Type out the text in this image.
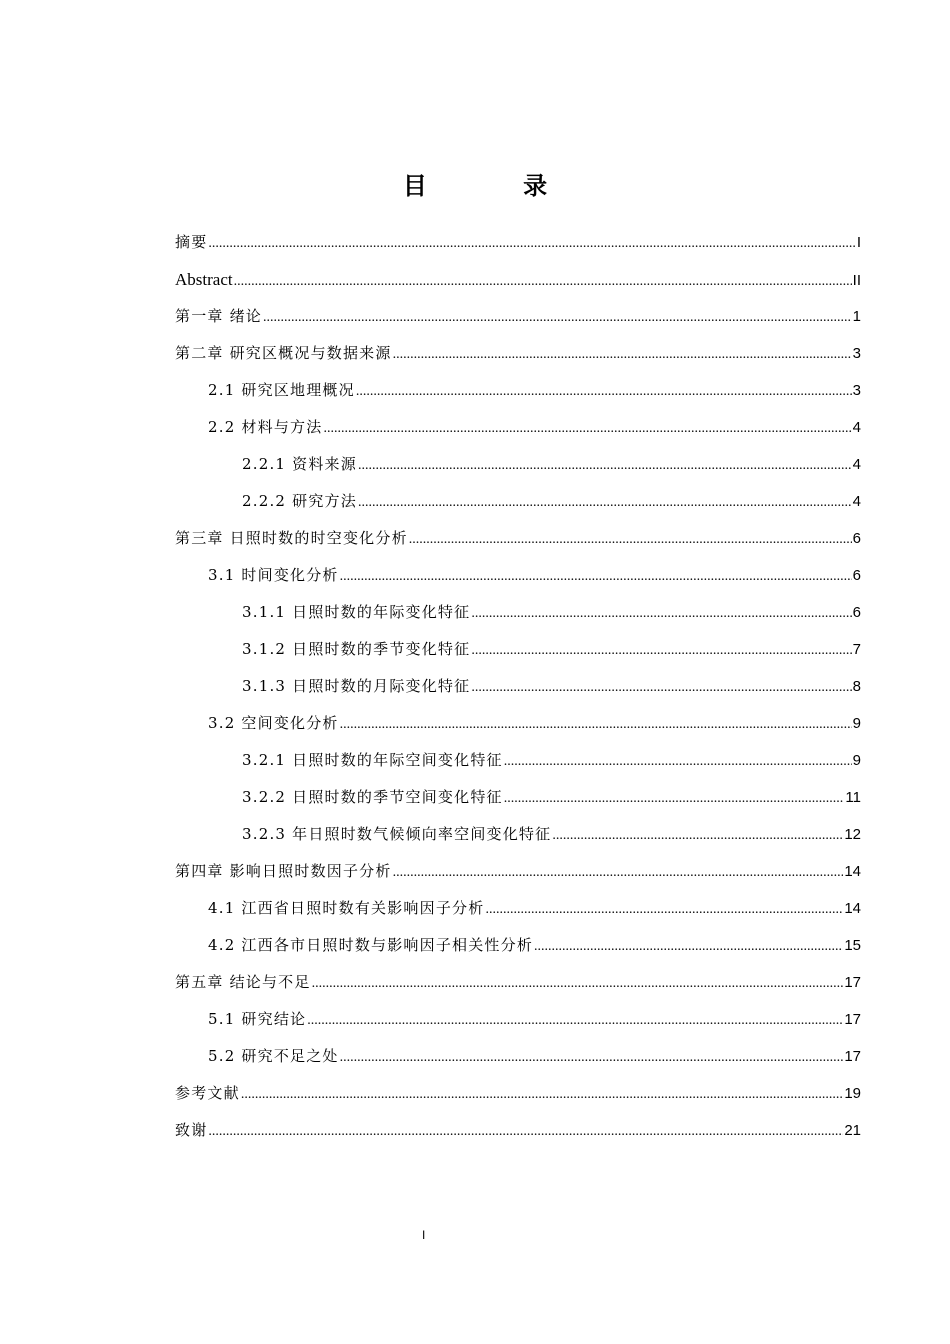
目 录
摘要 .....	I
Abstract .....	II
第一章 绪论 .....	1
第二章 研究区概况与数据来源 .....	3
2.1 研究区地理概况 .....	3
2.2 材料与方法 .....	4
2.2.1 资料来源 .....	4
2.2.2 研究方法 .....	4
第三章 日照时数的时空变化分析 .....	6
3.1 时间变化分析 .....	6
3.1.1 日照时数的年际变化特征 .....	6
3.1.2 日照时数的季节变化特征 .....	7
3.1.3 日照时数的月际变化特征 .....	8
3.2 空间变化分析 .....	9
3.2.1 日照时数的年际空间变化特征 .....	9
3.2.2 日照时数的季节空间变化特征 .....	11
3.2.3 年日照时数气候倾向率空间变化特征 .....	12
第四章 影响日照时数因子分析 .....	14
4.1 江西省日照时数有关影响因子分析 .....	14
4.2 江西各市日照时数与影响因子相关性分析 .....	15
第五章 结论与不足 .....	17
5.1 研究结论 .....	17
5.2 研究不足之处 .....	17
参考文献 .....	19
致谢 .....	21
I
